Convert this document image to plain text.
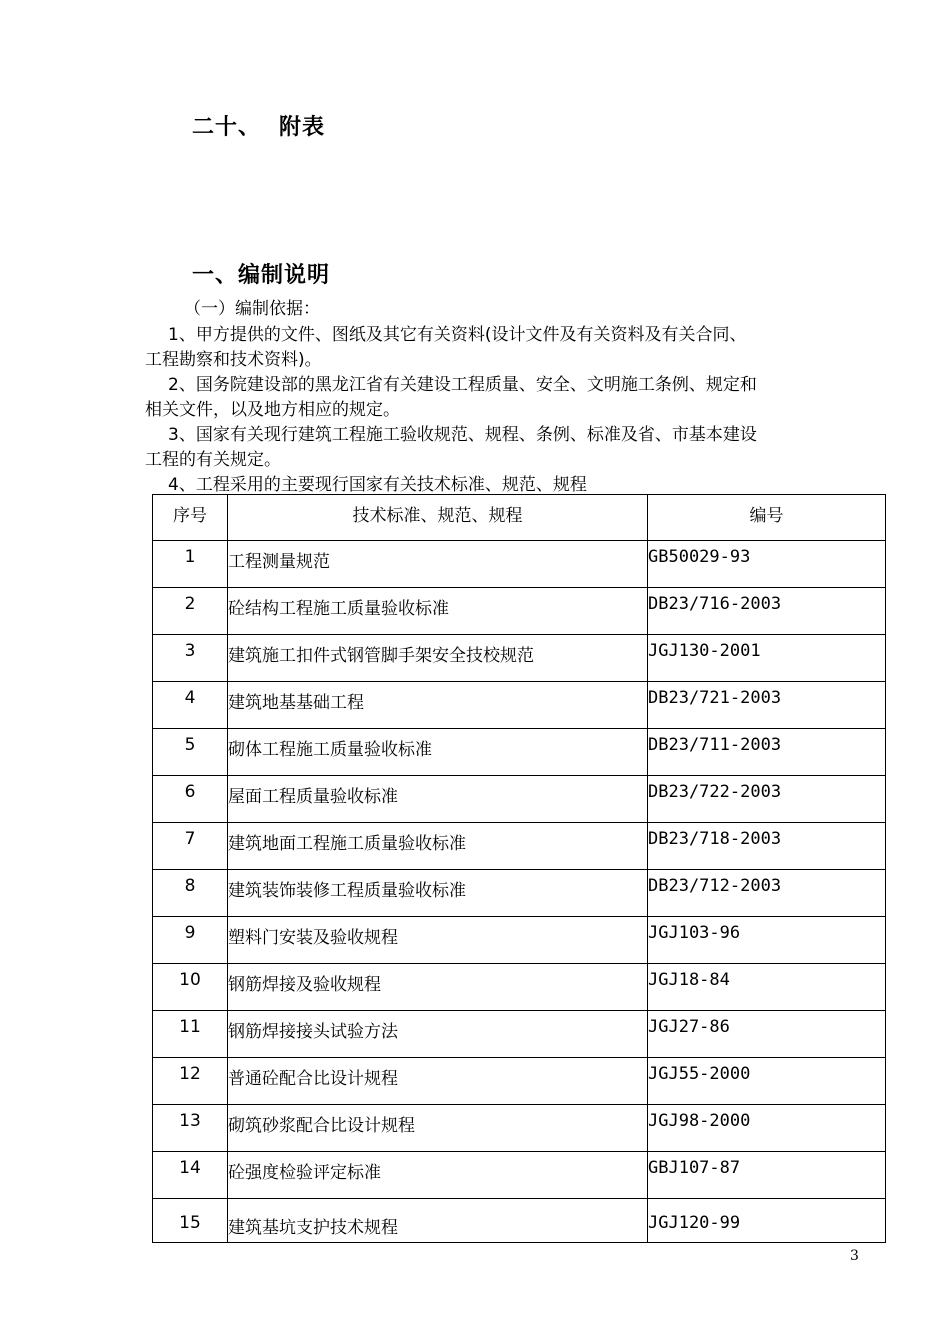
二十、 附表
一、编制说明
（一）编制依据：
1、甲方提供的文件、图纸及其它有关资料(设计文件及有关资料及有关合同、
工程勘察和技术资料)。
2、国务院建设部的黑龙江省有关建设工程质量、安全、文明施工条例、规定和
相关文件，以及地方相应的规定。
3、国家有关现行建筑工程施工验收规范、规程、条例、标准及省、市基本建设
工程的有关规定。
4、工程采用的主要现行国家有关技术标准、规范、规程
序号	技术标准、规范、规程	编号
1	工程测量规范	GB50029-93
2	砼结构工程施工质量验收标准	DB23/716-2003
3	建筑施工扣件式钢管脚手架安全技校规范	JGJ130-2001
4	建筑地基基础工程	DB23/721-2003
5	砌体工程施工质量验收标准	DB23/711-2003
6	屋面工程质量验收标准	DB23/722-2003
7	建筑地面工程施工质量验收标准	DB23/718-2003
8	建筑装饰装修工程质量验收标准	DB23/712-2003
9	塑料门安装及验收规程	JGJ103-96
10	钢筋焊接及验收规程	JGJ18-84
11	钢筋焊接接头试验方法	JGJ27-86
12	普通砼配合比设计规程	JGJ55-2000
13	砌筑砂浆配合比设计规程	JGJ98-2000
14	砼强度检验评定标准	GBJ107-87
15	建筑基坑支护技术规程	JGJ120-99
3
